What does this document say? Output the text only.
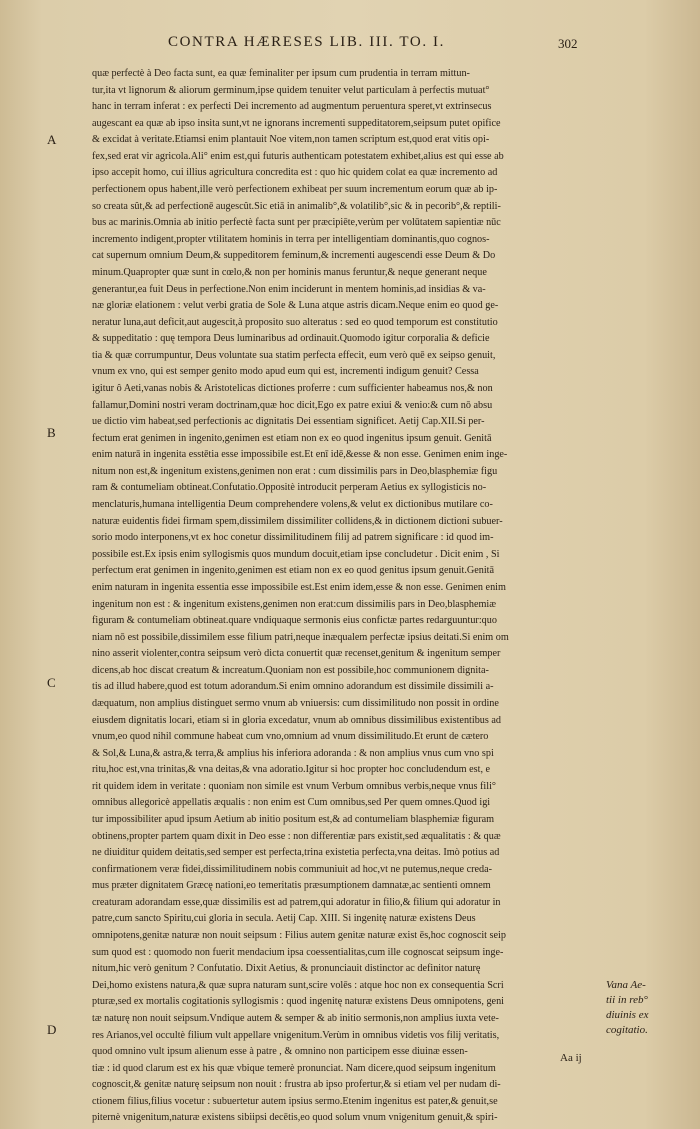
CONTRA HÆRESES LIB. III. TO. I.	302
A
B
C
D
quæ perfectè à Deo facta sunt, ea quæ feminaliter per ipsum cum prudentia in terram mittun-
tur,ita vt lignorum & aliorum germinum,ipse quidem tenuiter velut particulam à perfectis mutuat°
hanc in terram inferat : ex perfecti Dei incremento ad augmentum peruentura speret,vt extrinsecus
augescant ea quæ ab ipso insita sunt,vt ne ignorans incrementi suppeditatorem,seipsum putet opifice
& excidat à veritate.Etiamsi enim plantauit Noe vitem,non tamen scriptum est,quod erat vitis opi-
fex,sed erat vir agricola.Ali° enim est,qui futuris authenticam potestatem exhibet,alius est qui esse ab
ipso accepit homo, cui illius agricultura concredita est : quo hic quidem colat ea quæ incremento ad
perfectionem opus habent,ille verò perfectionem exhibeat per suum incrementum eorum quæ ab ip-
so creata sût,& ad perfectionē augescût.Sic etiā in animalib°,& volatilib°,sic & in pecorib°,& reptili-
bus ac marinis.Omnia ab initio perfectè facta sunt per præcipiēte,verùm per volūtatem sapientiæ nūc
incremento indigent,propter vtilitatem hominis in terra per intelligentiam dominantis,quo cognos-
cat supernum omnium Deum,& suppeditorem feminum,& incrementi augescendi esse Deum & Do
minum.Quapropter quæ sunt in cœlo,& non per hominis manus feruntur,& neque generant neque
generantur,ea fuit Deus in perfectione.Non enim inciderunt in mentem hominis,ad insidias & va-
næ gloriæ elationem : velut verbi gratia de Sole & Luna atque astris dicam.Neque enim eo quod ge-
neratur luna,aut deficit,aut augescit,à proposito suo alteratus : sed eo quod temporum est constitutio
& suppeditatio : quę tempora Deus luminaribus ad ordinauit.Quomodo igitur corporalia & deficie
tia & quæ corrumpuntur, Deus voluntate sua statim perfecta effecit, eum verò quē ex seipso genuit,
vnum ex vno, qui est semper genito modo apud eum qui est, incrementi indigum genuit? Cessa
igitur ô Aeti,vanas nobis & Aristotelicas dictiones proferre : cum sufficienter habeamus nos,& non
fallamur,Domini nostri veram doctrinam,quæ hoc dicit,Ego ex patre exiui & venio:& cum nō absu
ue dictio vim habeat,sed perfectionis ac dignitatis Dei essentiam significet. Aetij Cap.XII.Si per-
fectum erat genimen in ingenito,genimen est etiam non ex eo quod ingenitus ipsum genuit. Genitā
enim naturā in ingenita esstētia esse impossibile est.Et enī idē,&esse & non esse. Genimen enim inge-
nitum non est,& ingenitum existens,genimen non erat : cum dissimilis pars in Deo,blasphemiæ figu
ram & contumeliam obtineat.Confutatio.Oppositè introducit perperam Aetius ex syllogisticis no-
menclaturis,humana intelligentia Deum comprehendere volens,& velut ex dictionibus mutilare co-
naturæ euidentis fidei firmam spem,dissimilem dissimiliter collidens,& in dictionem dictioni subuer-
sorio modo interponens,vt ex hoc conetur dissimilitudinem filij ad patrem significare : id quod im-
possibile est.Ex ipsis enim syllogismis quos mundum docuit,etiam ipse concludetur . Dicit enim , Si
perfectum erat genimen in ingenito,genimen est etiam non ex eo quod genitus ipsum genuit.Genitā
enim naturam in ingenita essentia esse impossibile est.Est enim idem,esse & non esse. Genimen enim
ingenitum non est : & ingenitum existens,genimen non erat:cum dissimilis pars in Deo,blasphemiæ
figuram & contumeliam obtineat.quare vndiquaque sermonis eius confictæ partes redarguuntur:quo
niam nō est possibile,dissimilem esse filium patri,neque inæqualem perfectæ ipsius deitati.Si enim om
nino asserit violenter,contra seipsum verò dicta conuertit quæ recenset,genitum & ingenitum semper
dicens,ab hoc discat creatum & increatum.Quoniam non est possibile,hoc communionem dignita-
tis ad illud habere,quod est totum adorandum.Si enim omnino adorandum est dissimile dissimili a-
dæquatum, non amplius distinguet sermo vnum ab vniuersis: cum dissimilitudo non possit in ordine
eiusdem dignitatis locari, etiam si in gloria excedatur, vnum ab omnibus dissimilibus existentibus ad
vnum,eo quod nihil commune habeat cum vno,omnium ad vnum dissimilitudo.Et erunt de cætero
& Sol,& Luna,& astra,& terra,& amplius his inferiora adoranda : & non amplius vnus cum vno spi
ritu,hoc est,vna trinitas,& vna deitas,& vna adoratio.Igitur si hoc propter hoc concludendum est, e
rit quidem idem in veritate : quoniam non simile est vnum Verbum omnibus verbis,neque vnus fili°
omnibus allegoricè appellatis æqualis : non enim est Cum omnibus,sed Per quem omnes.Quod igi
tur impossibiliter apud ipsum Aetium ab initio positum est,& ad contumeliam blasphemiæ figuram
obtinens,propter partem quam dixit in Deo esse : non differentiæ pars existit,sed æqualitatis : & quæ
ne diuiditur quidem deitatis,sed semper est perfecta,trina existetia perfecta,vna deitas. Imò potius ad
confirmationem veræ fidei,dissimilitudinem nobis communiuit ad hoc,vt ne putemus,neque creda-
mus præter dignitatem Græcę nationi,eo temeritatis præsumptionem damnatæ,ac sentienti omnem
creaturam adorandam esse,quæ dissimilis est ad patrem,qui adoratur in filio,& filium qui adoratur in
patre,cum sancto Spiritu,cui gloria in secula. Aetij Cap. XIII. Si ingenitę naturæ existens Deus
omnipotens,genitæ naturæ non nouit seipsum : Filius autem genitæ naturæ exist ēs,hoc cognoscit seip
sum quod est : quomodo non fuerit mendacium ipsa coessentialitas,cum ille cognoscat seipsum inge-
nitum,hic verò genitum ? Confutatio. Dixit Aetius, & pronunciauit distinctor ac definitor naturę
Dei,homo existens natura,& quæ supra naturam sunt,scire volēs : atque hoc non ex consequentia Scri
pturæ,sed ex mortalis cogitationis syllogismis : quod ingenitę naturæ existens Deus omnipotens, geni
tæ naturę non nouit seipsum.Vndique autem & semper & ab initio sermonis,non amplius iuxta vete-
res Arianos,vel occultè filium vult appellare vnigenitum.Verùm in omnibus videtis vos filij veritatis,
quod omnino vult ipsum alienum esse à patre , & omnino non participem esse diuinæ essen-
tiæ : id quod clarum est ex his quæ vbique temerè pronunciat. Nam dicere,quod seipsum ingenitum
cognoscit,& genitæ naturę seipsum non nouit : frustra ab ipso profertur,& si etiam vel per nudam di-
ctionem filius,filius vocetur : subuertetur autem ipsius sermo.Etenim ingenitus est pater,& genuit,se
piternè vnigenitum,naturæ existens sibiipsi decētis,eo quod solum vnum vnigenitum genuit,& spiri-
Vana Ae-
tii in reb°
diuinis ex
cogitatio.
Aa ij
